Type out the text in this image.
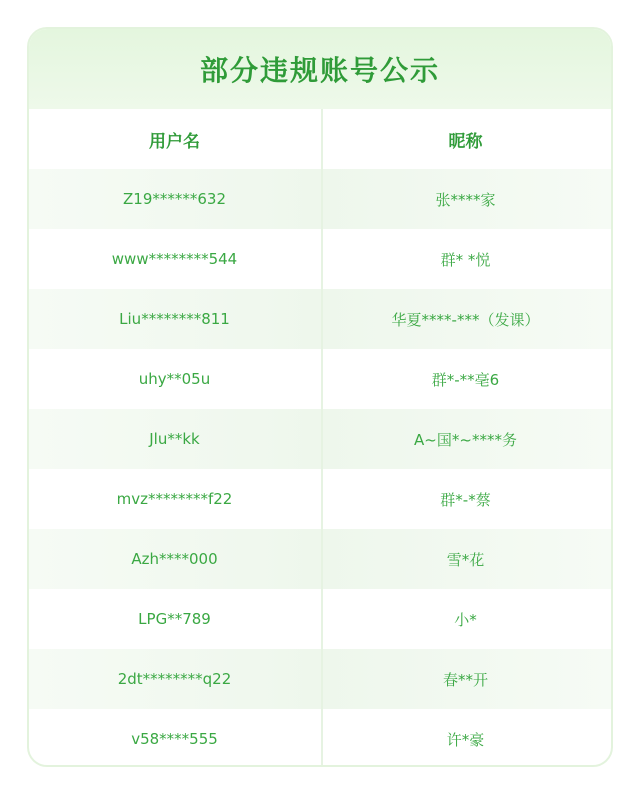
部分违规账号公示
用户名	昵称
Z19******632	张****家
www********544	群* *悦
Liu********811	华夏****-***（发课）
uhy**05u	群*-**亳6
Jlu**kk	A~国*~****务
mvz********f22	群*-*蔡
Azh****000	雪*花
LPG**789	小*
2dt********q22	春**开
v58****555	许*豪
